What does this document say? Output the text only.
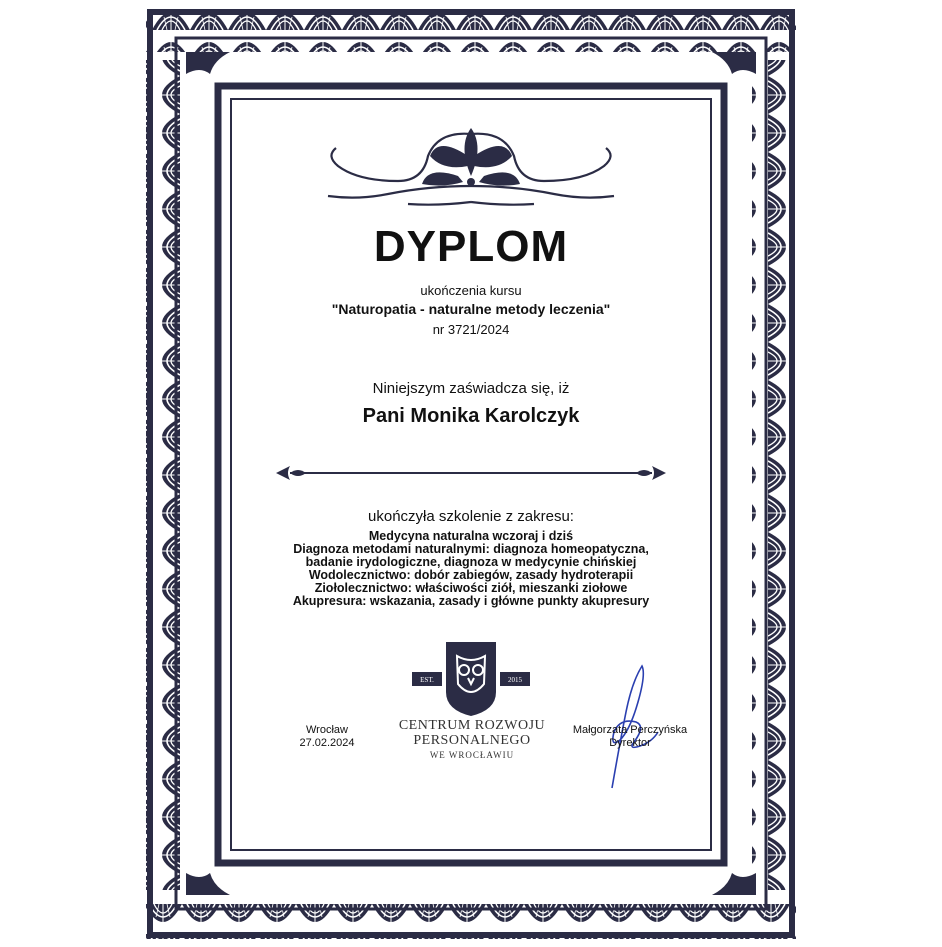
DYPLOM
ukończenia kursu
"Naturopatia - naturalne metody leczenia"
nr 3721/2024
Niniejszym zaświadcza się, iż
Pani Monika Karolczyk
ukończyła szkolenie z zakresu:
Medycyna naturalna wczoraj i dziś
Diagnoza metodami naturalnymi: diagnoza homeopatyczna,
badanie irydologiczne, diagnoza w medycynie chińskiej
Wodolecznictwo: dobór zabiegów, zasady hydroterapii
Ziołolecznictwo: właściwości ziół, mieszanki ziołowe
Akupresura: wskazania, zasady i główne punkty akupresury
EST.	2015
CENTRUM ROZWOJU
PERSONALNEGO
WE WROCŁAWIU
Wrocław
27.02.2024
Małgorzata Perczyńska
Dyrektor
